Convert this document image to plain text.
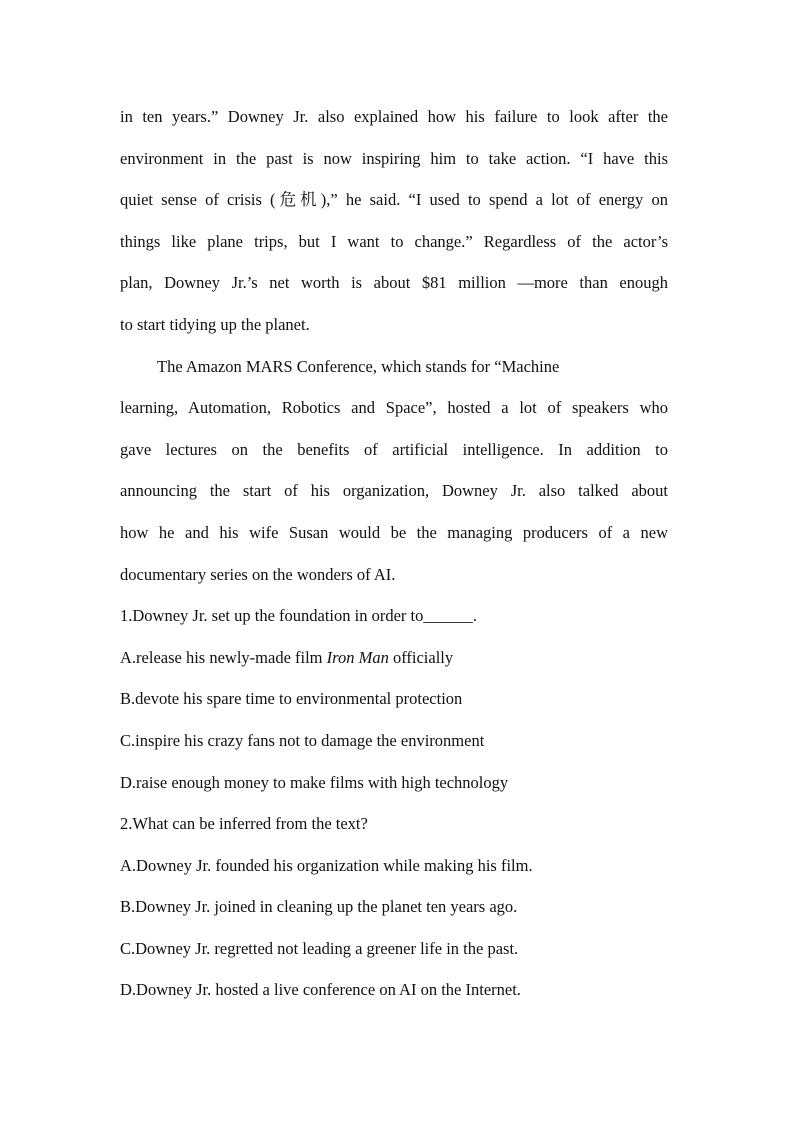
in ten years.” Downey Jr. also explained how his failure to look after the
environment in the past is now inspiring him to take action. “I have this
quiet sense of crisis (危机),” he said. “I used to spend a lot of energy on
things like plane trips, but I want to change.” Regardless of the actor’s
plan, Downey Jr.’s net worth is about $81 million —more than enough
to start tidying up the planet.
The Amazon MARS Conference, which stands for “Machine
learning, Automation, Robotics and Space”, hosted a lot of speakers who
gave lectures on the benefits of artificial intelligence. In addition to
announcing the start of his organization, Downey Jr. also talked about
how he and his wife Susan would be the managing producers of a new
documentary series on the wonders of AI.
1.Downey Jr. set up the foundation in order to______.
A.release his newly-made film Iron Man officially
B.devote his spare time to environmental protection
C.inspire his crazy fans not to damage the environment
D.raise enough money to make films with high technology
2.What can be inferred from the text?
A.Downey Jr. founded his organization while making his film.
B.Downey Jr. joined in cleaning up the planet ten years ago.
C.Downey Jr. regretted not leading a greener life in the past.
D.Downey Jr. hosted a live conference on AI on the Internet.
